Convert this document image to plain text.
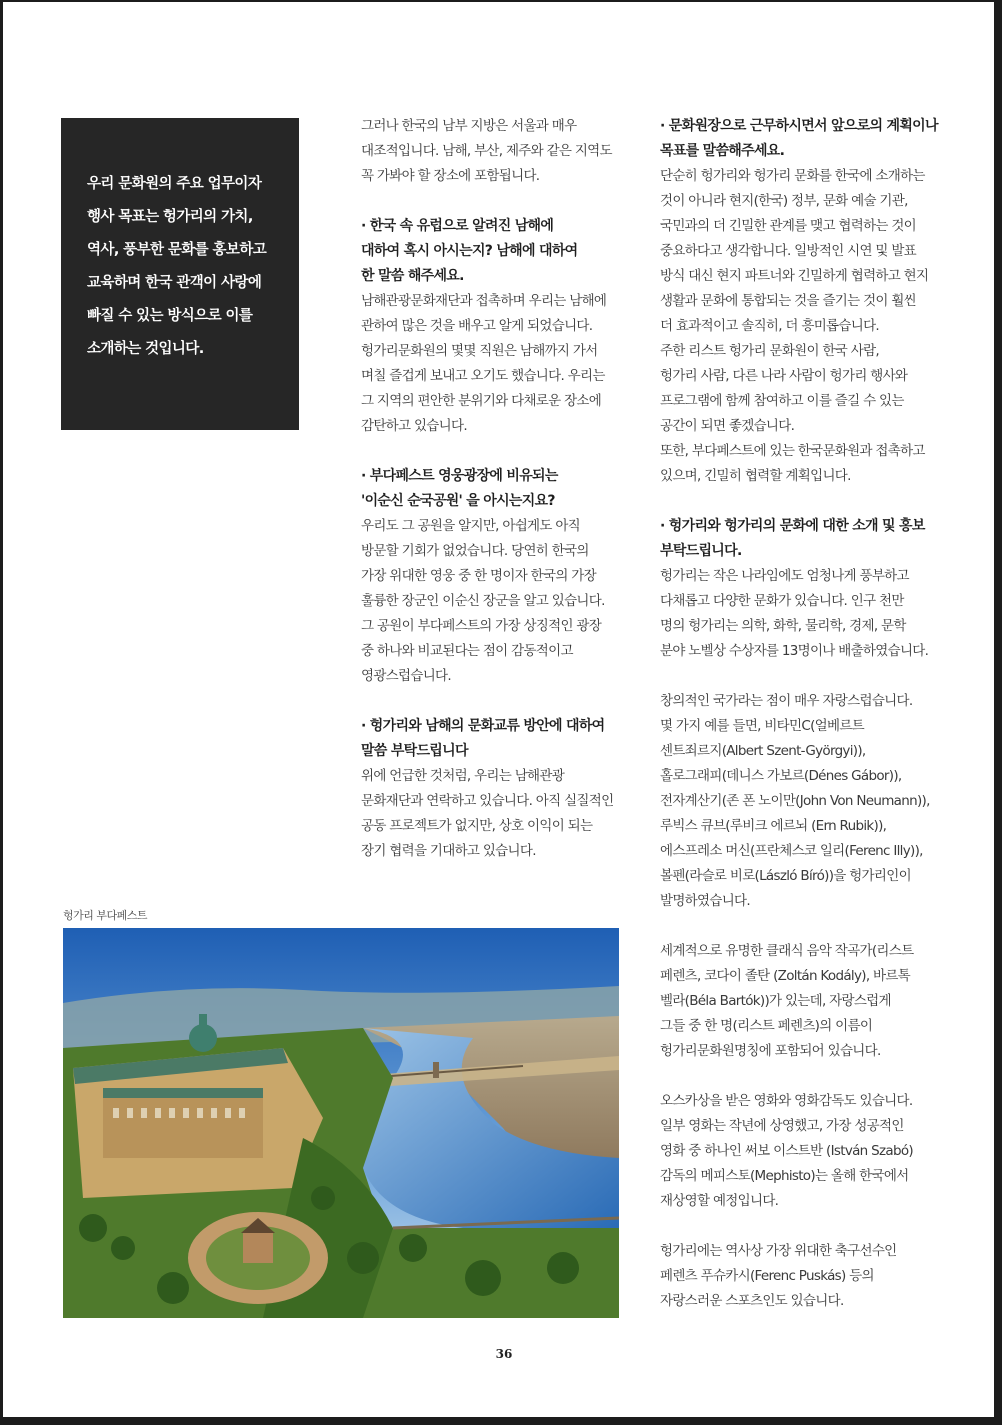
우리 문화원의 주요 업무이자
행사 목표는 헝가리의 가치,
역사, 풍부한 문화를 홍보하고
교육하며 한국 관객이 사랑에
빠질 수 있는 방식으로 이를
소개하는 것입니다.

그러나 한국의 남부 지방은 서울과 매우
대조적입니다. 남해, 부산, 제주와 같은 지역도
꼭 가봐야 할 장소에 포함됩니다.

· 한국 속 유럽으로 알려진 남해에
대하여 혹시 아시는지? 남해에 대하여
한 말씀 해주세요.

남해관광문화재단과 접촉하며 우리는 남해에
관하여 많은 것을 배우고 알게 되었습니다.
헝가리문화원의 몇몇 직원은 남해까지 가서
며칠 즐겁게 보내고 오기도 했습니다. 우리는
그 지역의 편안한 분위기와 다채로운 장소에
감탄하고 있습니다.

· 부다페스트 영웅광장에 비유되는
'이순신 순국공원' 을 아시는지요?

우리도 그 공원을 알지만, 아쉽게도 아직
방문할 기회가 없었습니다. 당연히 한국의
가장 위대한 영웅 중 한 명이자 한국의 가장
훌륭한 장군인 이순신 장군을 알고 있습니다.
그 공원이 부다페스트의 가장 상징적인 광장
중 하나와 비교된다는 점이 감동적이고
영광스럽습니다.

· 헝가리와 남해의 문화교류 방안에 대하여
말씀 부탁드립니다

위에 언급한 것처럼, 우리는 남해관광
문화재단과 연락하고 있습니다. 아직 실질적인
공동 프로젝트가 없지만, 상호 이익이 되는
장기 협력을 기대하고 있습니다.

· 문화원장으로 근무하시면서 앞으로의 계획이나
목표를 말씀해주세요.

단순히 헝가리와 헝가리 문화를 한국에 소개하는
것이 아니라 현지(한국) 정부, 문화 예술 기관,
국민과의 더 긴밀한 관계를 맺고 협력하는 것이
중요하다고 생각합니다. 일방적인 시연 및 발표
방식 대신 현지 파트너와 긴밀하게 협력하고 현지
생활과 문화에 통합되는 것을 즐기는 것이 훨씬
더 효과적이고 솔직히, 더 흥미롭습니다.
주한 리스트 헝가리 문화원이 한국 사람,
헝가리 사람, 다른 나라 사람이 헝가리 행사와
프로그램에 함께 참여하고 이를 즐길 수 있는
공간이 되면 좋겠습니다.
또한, 부다페스트에 있는 한국문화원과 접촉하고
있으며, 긴밀히 협력할 계획입니다.

· 헝가리와 헝가리의 문화에 대한 소개 및 홍보
부탁드립니다.

헝가리는 작은 나라임에도 엄청나게 풍부하고
다채롭고 다양한 문화가 있습니다. 인구 천만
명의 헝가리는 의학, 화학, 물리학, 경제, 문학
분야 노벨상 수상자를 13명이나 배출하였습니다.

창의적인 국가라는 점이 매우 자랑스럽습니다.
몇 가지 예를 들면, 비타민C(얼베르트
센트죄르지(Albert Szent-Györgyi)),
홀로그래피(데니스 가보르(Dénes Gábor)),
전자계산기(존 폰 노이만(John Von Neumann)),
루빅스 큐브(루비크 에르뇌 (Ern Rubik)),
에스프레소 머신(프란체스코 일리(Ferenc Illy)),
볼펜(라슬로 비로(László Bíró))을 헝가리인이
발명하였습니다.

세계적으로 유명한 클래식 음악 작곡가(리스트
페렌츠, 코다이 졸탄 (Zoltán Kodály), 바르톡
벨라(Béla Bartók))가 있는데, 자랑스럽게
그들 중 한 명(리스트 페렌츠)의 이름이
헝가리문화원명칭에 포함되어 있습니다.

오스카상을 받은 영화와 영화감독도 있습니다.
일부 영화는 작년에 상영했고, 가장 성공적인
영화 중 하나인 써보 이스트반 (István Szabó)
감독의 메피스토(Mephisto)는 올해 한국에서
재상영할 예정입니다.

헝가리에는 역사상 가장 위대한 축구선수인
페렌츠 푸슈카시(Ferenc Puskás) 등의
자랑스러운 스포츠인도 있습니다.

헝가리 부다페스트
36
